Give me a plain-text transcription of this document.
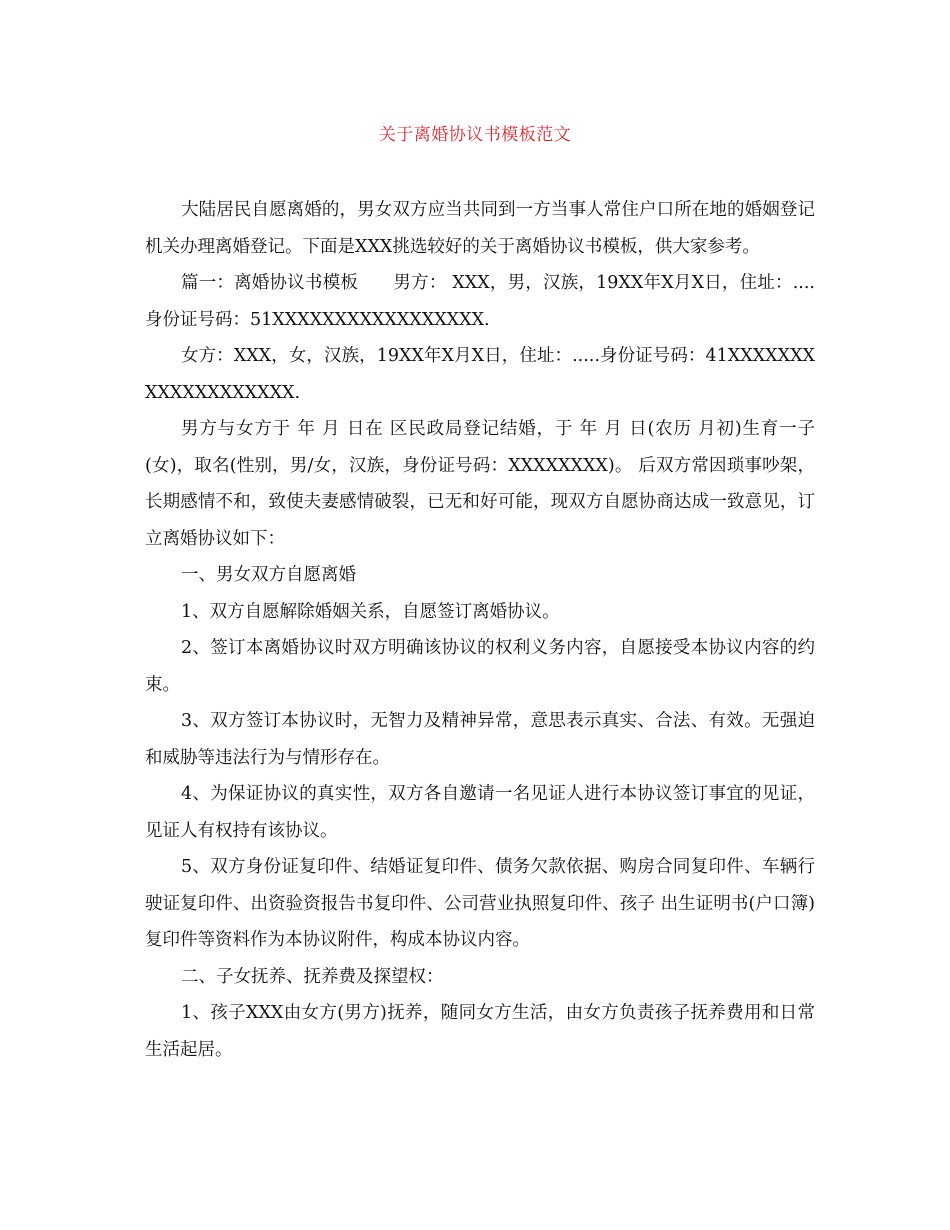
关于离婚协议书模板范文

大陆居民自愿离婚的，男女双方应当共同到一方当事人常住户口所在地的婚姻登记机关办理离婚登记。下面是XXX挑选较好的关于离婚协议书模板，供大家参考。

篇一：离婚协议书模板　　男方： XXX，男，汉族，19XX年X月X日，住址：....身份证号码：51XXXXXXXXXXXXXXXXX.

女方：XXX，女，汉族，19XX年X月X日，住址：.....身份证号码：41XXXXXXXXXXXXXXXXXXX.

男方与女方于 年 月 日在 区民政局登记结婚，于 年 月 日(农历 月初)生育一子(女)，取名(性别，男/女，汉族，身份证号码：XXXXXXXX)。 后双方常因琐事吵架，长期感情不和，致使夫妻感情破裂，已无和好可能，现双方自愿协商达成一致意见，订立离婚协议如下：

一、男女双方自愿离婚

1、双方自愿解除婚姻关系，自愿签订离婚协议。

2、签订本离婚协议时双方明确该协议的权利义务内容，自愿接受本协议内容的约束。

3、双方签订本协议时，无智力及精神异常，意思表示真实、合法、有效。无强迫和威胁等违法行为与情形存在。

4、为保证协议的真实性，双方各自邀请一名见证人进行本协议签订事宜的见证，见证人有权持有该协议。

5、双方身份证复印件、结婚证复印件、债务欠款依据、购房合同复印件、车辆行驶证复印件、出资验资报告书复印件、公司营业执照复印件、孩子 出生证明书(户口簿)复印件等资料作为本协议附件，构成本协议内容。

二、子女抚养、抚养费及探望权：

1、孩子XXX由女方(男方)抚养，随同女方生活，由女方负责孩子抚养费用和日常生活起居。
